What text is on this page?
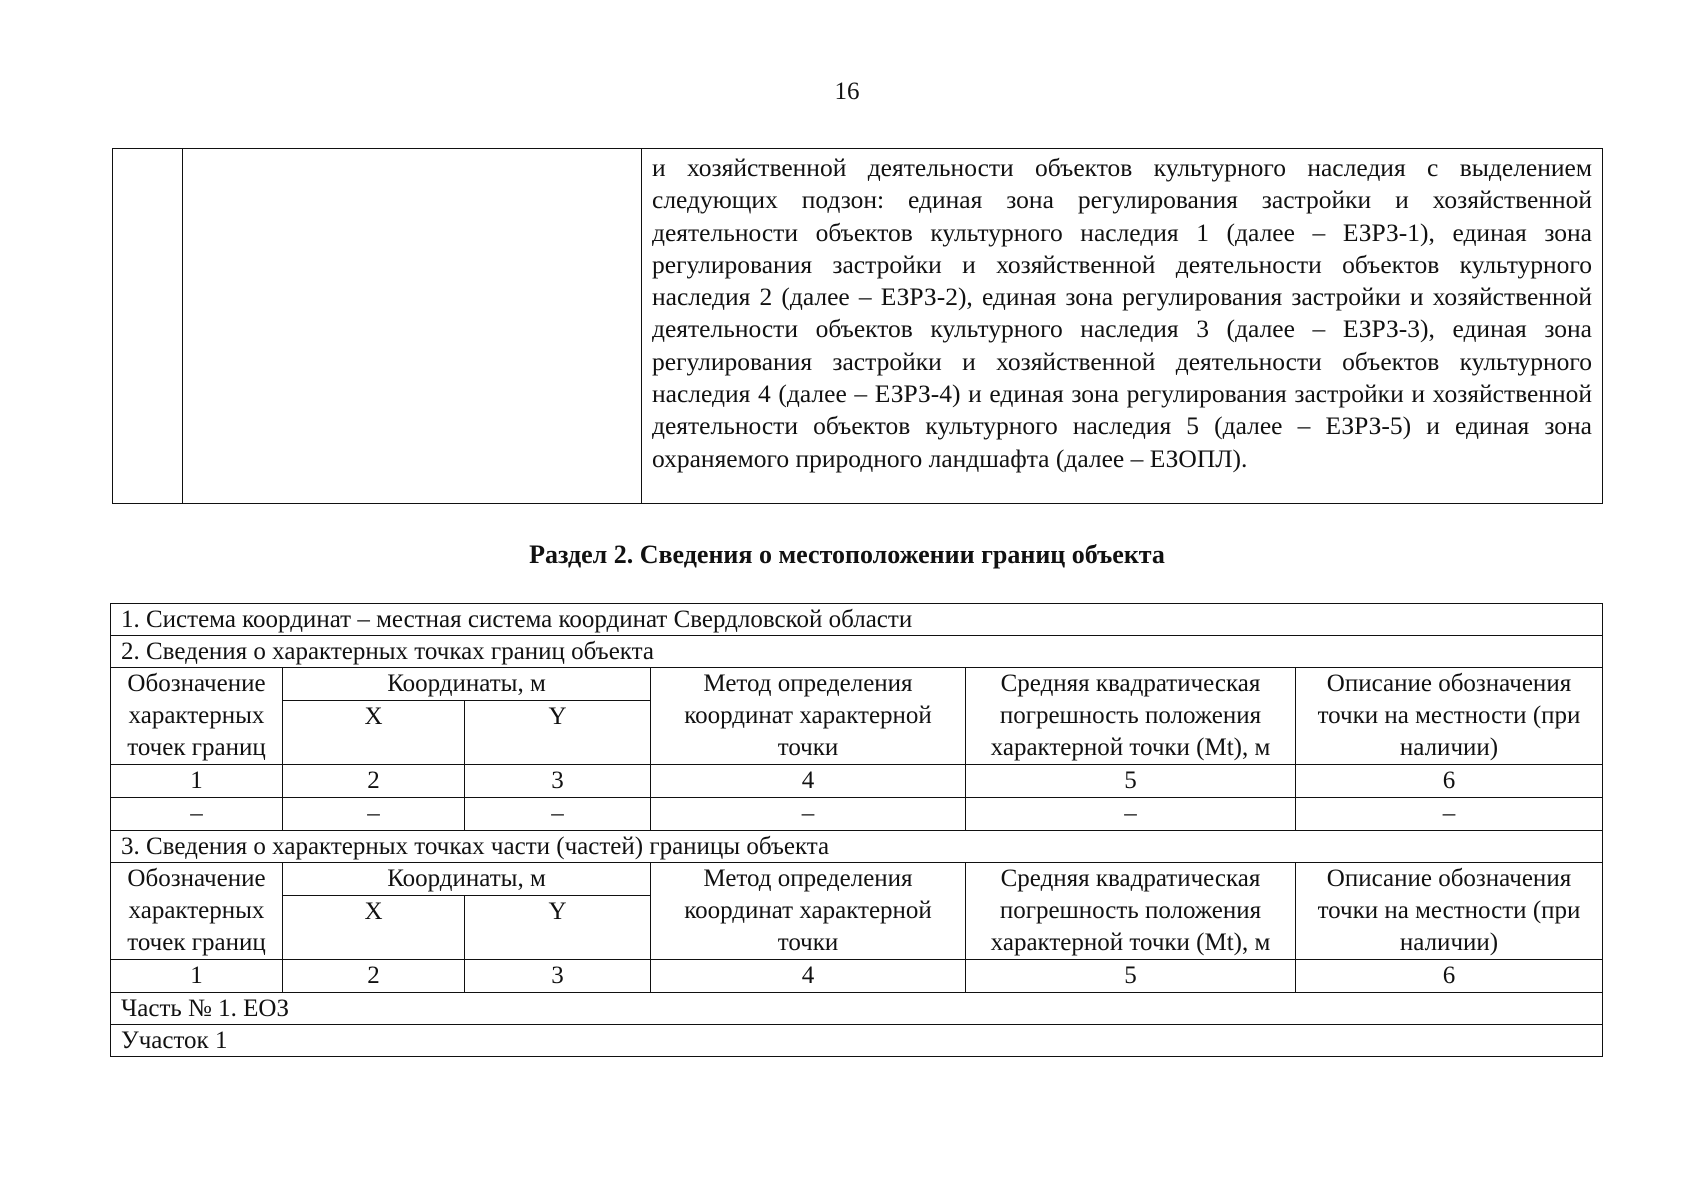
16

и хозяйственной деятельности объектов культурного наследия с выделением следующих подзон: единая зона регулирования застройки и хозяйственной деятельности объектов культурного наследия 1 (далее – ЕЗРЗ-1), единая зона регулирования застройки и хозяйственной деятельности объектов культурного наследия 2 (далее – ЕЗРЗ-2), единая зона регулирования застройки и хозяйственной деятельности объектов культурного наследия 3 (далее – ЕЗРЗ-3), единая зона регулирования застройки и хозяйственной деятельности объектов культурного наследия 4 (далее – ЕЗРЗ-4) и единая зона регулирования застройки и хозяйственной деятельности объектов культурного наследия 5 (далее – ЕЗРЗ-5) и единая зона охраняемого природного ландшафта (далее – ЕЗОПЛ).
Раздел 2. Сведения о местоположении границ объекта
1. Система координат – местная система координат Свердловской области					
2. Сведения о характерных точках границ объекта					
Обозначение характерных точек границ	Координаты, м		Метод определения координат характерной точки	Средняя квадратическая погрешность положения характерной точки (Mt), м	Описание обозначения точки на местности (при наличии)
	X	Y			
1	2	3	4	5	6
–	–	–	–	–	–
3. Сведения о характерных точках части (частей) границы объекта					
Обозначение характерных точек границ	Координаты, м		Метод определения координат характерной точки	Средняя квадратическая погрешность положения характерной точки (Mt), м	Описание обозначения точки на местности (при наличии)
	X	Y			
1	2	3	4	5	6
Часть № 1. ЕОЗ					
Участок 1					
